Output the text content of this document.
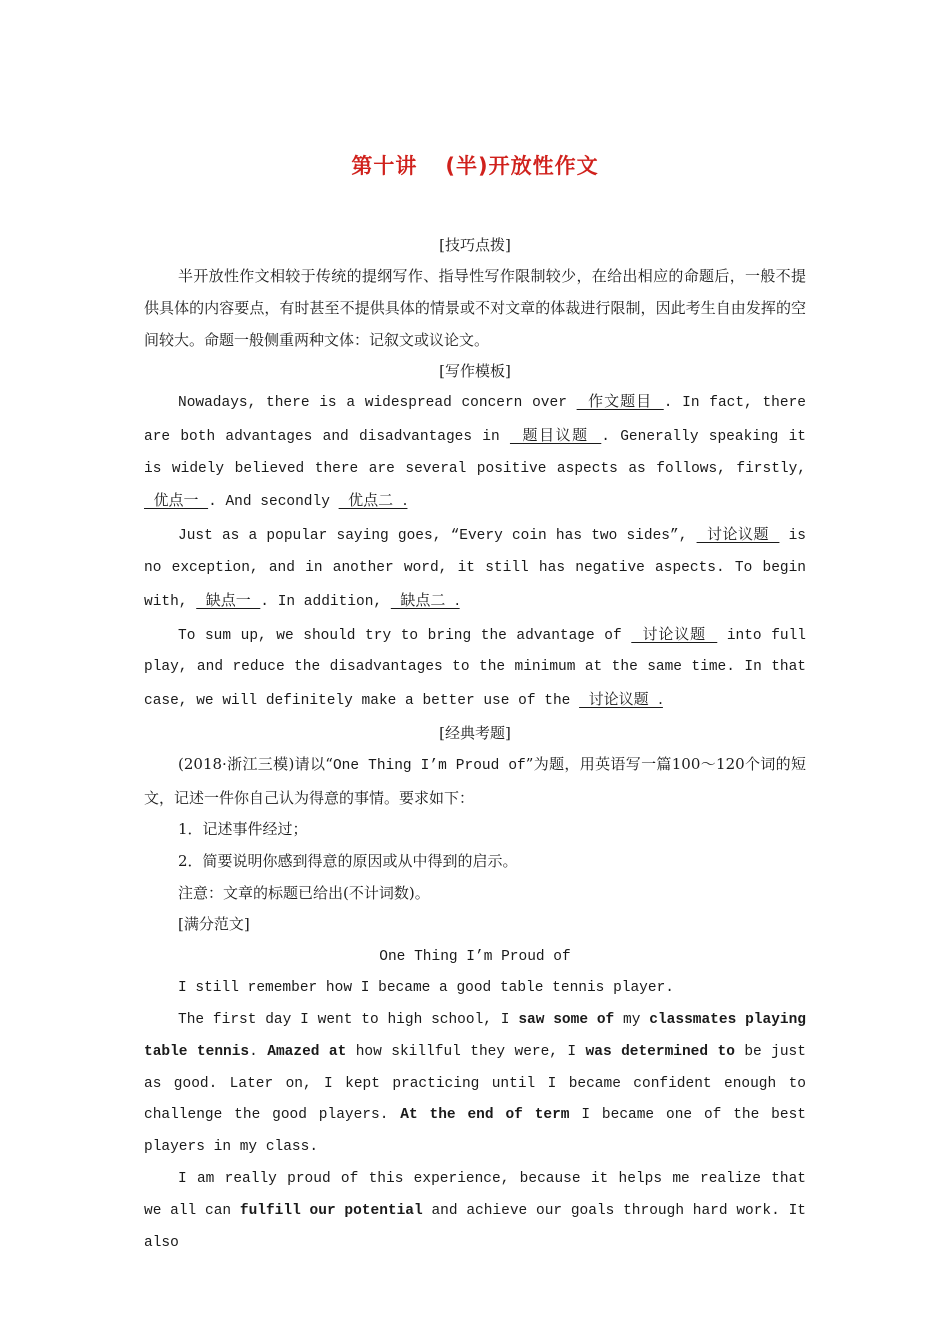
第十讲 (半)开放性作文
[技巧点拨]
半开放性作文相较于传统的提纲写作、指导性写作限制较少，在给出相应的命题后，一般不提供具体的内容要点，有时甚至不提供具体的情景或不对文章的体裁进行限制，因此考生自由发挥的空间较大。命题一般侧重两种文体：记叙文或议论文。
[写作模板]
Nowadays, there is a widespread concern over   作文题目  . In fact, there are both advantages and disadvantages in   题目议题  . Generally speaking it is widely believed there are several positive aspects as follows, firstly,   优点一  . And secondly   优点二  .
Just as a popular saying goes, “Every coin has two sides”,   讨论议题   is no exception, and in another word, it still has negative aspects. To begin with,   缺点一  . In addition,   缺点二  .
To sum up, we should try to bring the advantage of   讨论议题   into full play, and reduce the disadvantages to the minimum at the same time. In that case, we will definitely make a better use of the   讨论议题  .
[经典考题]
(2018·浙江三模)请以“One Thing I’m Proud of”为题，用英语写一篇100～120个词的短文，记述一件你自己认为得意的事情。要求如下：
1．记述事件经过；
2．简要说明你感到得意的原因或从中得到的启示。
注意：文章的标题已给出(不计词数)。
[满分范文]
One Thing I’m Proud of
I still remember how I became a good table tennis player.
The first day I went to high school, I saw some of my classmates playing table tennis. Amazed at how skillful they were, I was determined to be just as good. Later on, I kept practicing until I became confident enough to challenge the good players. At the end of term I became one of the best players in my class.
I am really proud of this experience, because it helps me realize that we all can fulfill our potential and achieve our goals through hard work. It also
